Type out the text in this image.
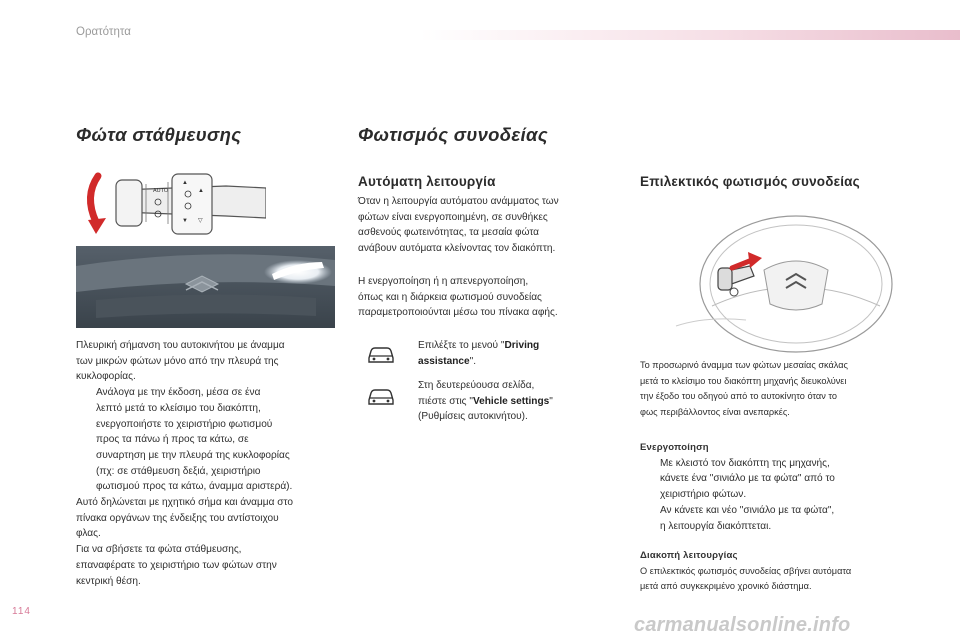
Ορατότητα
Φώτα στάθμευσης
AUTO
▲
▼
▲
▽

Πλευρική σήμανση του αυτοκινήτου με άναμμα

των μικρών φώτων μόνο από την πλευρά της

κυκλοφορίας.

Ανάλογα με την έκδοση, μέσα σε ένα

λεπτό μετά το κλείσιμο του διακόπτη,

ενεργοποιήστε το χειριστήριο φωτισμού

προς τα πάνω ή προς τα κάτω, σε

συναρτηση με την πλευρά της κυκλοφορίας

(πχ: σε στάθμευση δεξιά, χειριστήριο

φωτισμού προς τα κάτω, άναμμα αριστερά).

Αυτό δηλώνεται με ηχητικό σήμα και άναμμα στο

πίνακα οργάνων της ένδειξης του αντίστοιχου

φλας.

Για να σβήσετε τα φώτα στάθμευσης,

επαναφέρατε το χειριστήριο των φώτων στην

κεντρική θέση.

Φωτισμός συνοδείας
Αυτόματη λειτουργία

Όταν η λειτουργία αυτόματου ανάμματος των

φώτων είναι ενεργοποιημένη, σε συνθήκες

ασθενούς φωτεινότητας, τα μεσαία φώτα

ανάβουν αυτόματα κλείνοντας τον διακόπτη.

Η ενεργοποίηση ή η απενεργοποίηση,

όπως και η διάρκεια φωτισμού συνοδείας

παραμετροποιούνται μέσω του πίνακα αφής.

Επιλέξτε το μενού "Driving
assistance".
Στη δευτερεύουσα σελίδα,
πιέστε στις "Vehicle settings"
(Ρυθμίσεις αυτοκινήτου).
Επιλεκτικός φωτισμός συνοδείας

Το προσωρινό άναμμα των φώτων μεσαίας σκάλας

μετά το κλείσιμο του διακόπτη μηχανής διευκολύνει

την έξοδο του οδηγού από το αυτοκίνητο όταν το

φως περιβάλλοντος είναι ανεπαρκές.

Ενεργοποίηση

Με κλειστό τον διακόπτη της μηχανής,

κάνετε ένα "σινιάλο με τα φώτα" από το

χειριστήριο φώτων.

Αν κάνετε και νέο "σινιάλο με τα φώτα",

η λειτουργία διακόπτεται.

Διακοπή λειτουργίας

Ο επιλεκτικός φωτισμός συνοδείας σβήνει αυτόματα

μετά από συγκεκριμένο χρονικό διάστημα.

114
carmanualsonline.info
